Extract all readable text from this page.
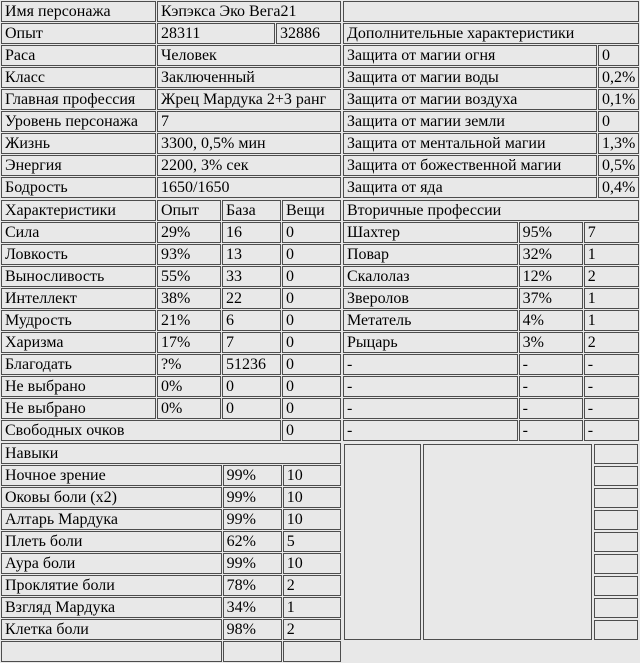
Имя персонажа	Кэпэкса Эко Вега21	
Опыт	28311	32886
Раса	Человек	
Класс	Заключенный	
Главная профессия	Жрец Мардука 2+3 ранг	
Уровень персонажа	7	
Жизнь	3300, 0,5% мин	
Энергия	2200, 3% сек	
Бодрость	1650/1650	
Характеристики	Опыт	База	Вещи
Сила	29%	16	0
Ловкость	93%	13	0
Выносливость	55%	33	0
Интеллект	38%	22	0
Мудрость	21%	6	0
Харизма	17%	7	0
Благодать	?%	51236	0
Не выбрано	0%	0	0
Не выбрано	0%	0	0
Свободных очков			0
Навыки		
Ночное зрение	99%	10
Оковы боли (x2)	99%	10
Алтарь Мардука	99%	10
Плеть боли	62%	5
Аура боли	99%	10
Проклятие боли	78%	2
Взгляд Мардука	34%	1
Клетка боли	98%	2

Дополнительные характеристики	
Защита от магии огня	0
Защита от магии воды	0,2%
Защита от магии воздуха	0,1%
Защита от магии земли	0
Защита от ментальной магии	1,3%
Защита от божественной магии	0,5%
Защита от яда	0,4%
Вторичные профессии		
Шахтер	95%	7
Повар	32%	1
Скалолаз	12%	2
Зверолов	37%	1
Метатель	4%	1
Рыцарь	3%	2
-	-	-
-	-	-
-	-	-
-	-	-
